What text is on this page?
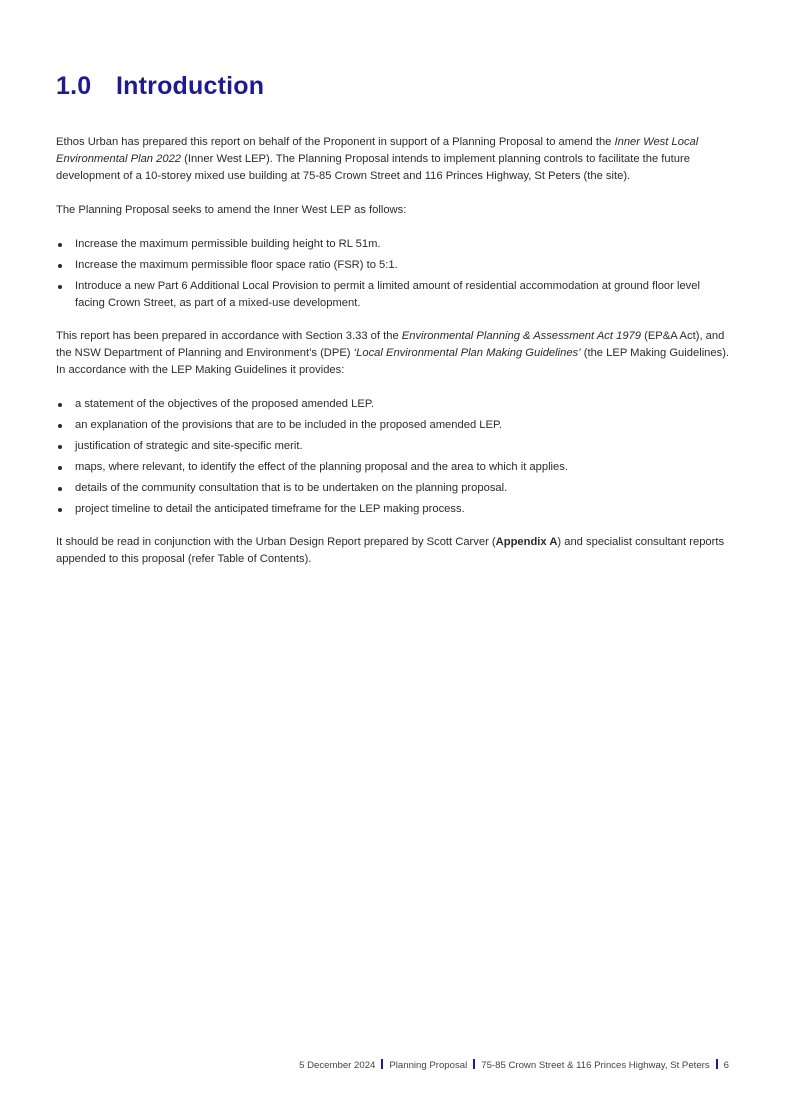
1.0 Introduction

Ethos Urban has prepared this report on behalf of the Proponent in support of a Planning Proposal to amend the Inner West Local Environmental Plan 2022 (Inner West LEP). The Planning Proposal intends to implement planning controls to facilitate the future development of a 10-storey mixed use building at 75-85 Crown Street and 116 Princes Highway, St Peters (the site).

The Planning Proposal seeks to amend the Inner West LEP as follows:

Increase the maximum permissible building height to RL 51m.
Increase the maximum permissible floor space ratio (FSR) to 5:1.
Introduce a new Part 6 Additional Local Provision to permit a limited amount of residential accommodation at ground floor level facing Crown Street, as part of a mixed-use development.

This report has been prepared in accordance with Section 3.33 of the Environmental Planning & Assessment Act 1979 (EP&A Act), and the NSW Department of Planning and Environment’s (DPE) ‘Local Environmental Plan Making Guidelines’ (the LEP Making Guidelines). In accordance with the LEP Making Guidelines it provides:

a statement of the objectives of the proposed amended LEP.
an explanation of the provisions that are to be included in the proposed amended LEP.
justification of strategic and site-specific merit.
maps, where relevant, to identify the effect of the planning proposal and the area to which it applies.
details of the community consultation that is to be undertaken on the planning proposal.
project timeline to detail the anticipated timeframe for the LEP making process.

It should be read in conjunction with the Urban Design Report prepared by Scott Carver (Appendix A) and specialist consultant reports appended to this proposal (refer Table of Contents).

5 December 2024 Planning Proposal 75-85 Crown Street & 116 Princes Highway, St Peters 6
